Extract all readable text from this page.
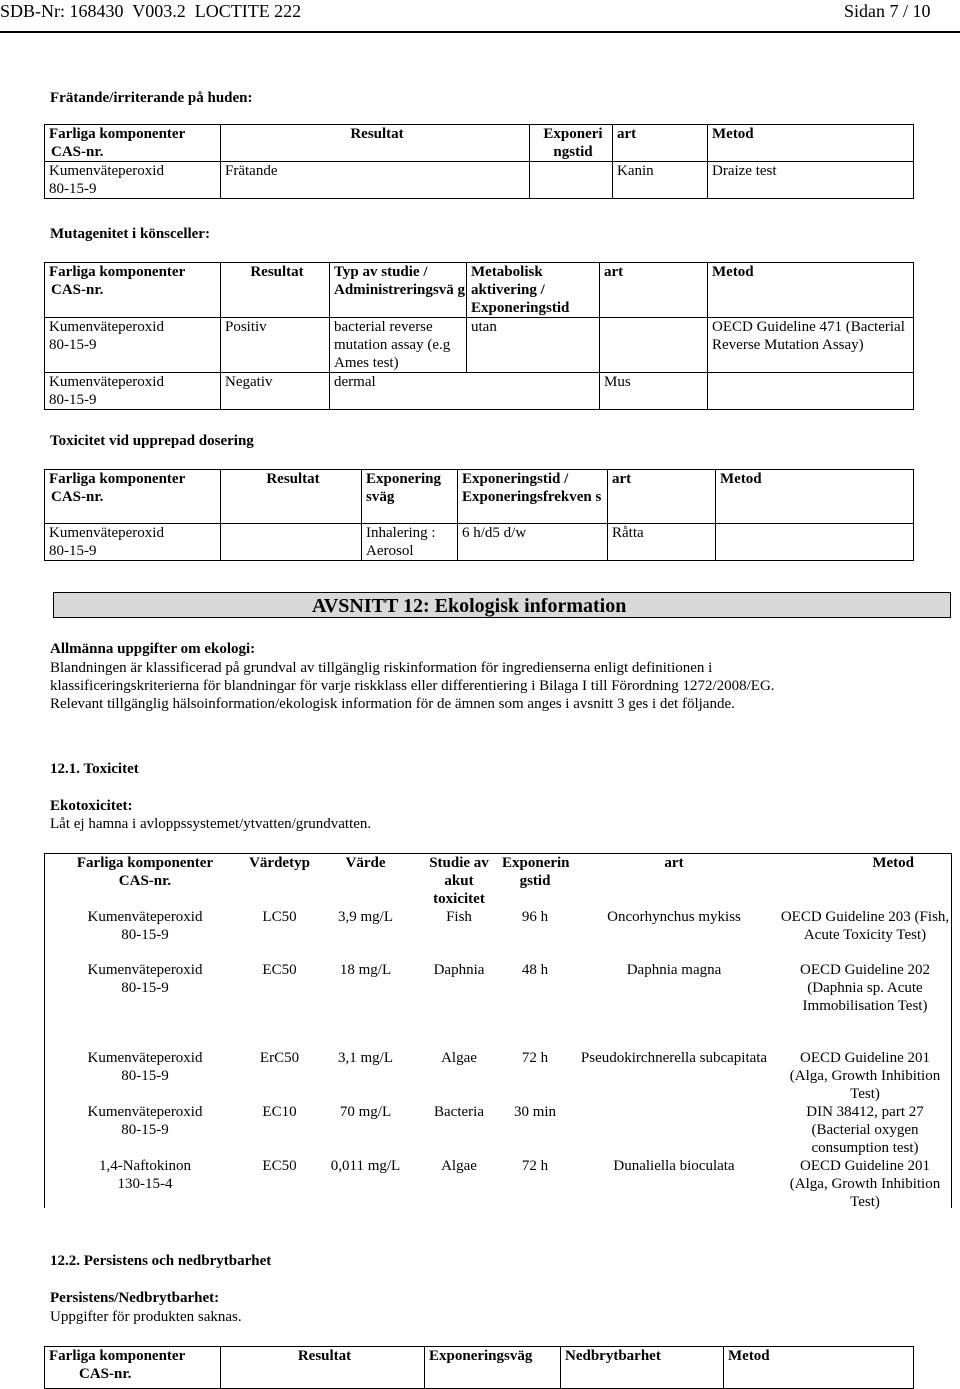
SDB-Nr: 168430 V003.2 LOCTITE 222	Sidan 7 / 10
Frätande/irriterande på huden:
Farliga komponenter
CAS-nr.	Resultat	Exponeri ngstid	art	Metod
Kumenväteperoxid
80-15-9	Frätande		Kanin	Draize test
Mutagenitet i könsceller:
Farliga komponenter
CAS-nr.	Resultat	Typ av studie / Administreringsvä g	Metabolisk aktivering / Exponeringstid	art	Metod
Kumenväteperoxid
80-15-9	Positiv	bacterial reverse mutation assay (e.g Ames test)	utan		OECD Guideline 471 (Bacterial Reverse Mutation Assay)
Kumenväteperoxid
80-15-9	Negativ	dermal		Mus	
Toxicitet vid upprepad dosering
Farliga komponenter
CAS-nr.	Resultat	Exponering sväg	Exponeringstid / Exponeringsfrekven s	art	Metod
Kumenväteperoxid
80-15-9		Inhalering : Aerosol	6 h/d5 d/w	Råtta	
AVSNITT 12: Ekologisk information
Allmänna uppgifter om ekologi:
Blandningen är klassificerad på grundval av tillgänglig riskinformation för ingredienserna enligt definitionen i
klassificeringskriterierna för blandningar för varje riskklass eller differentiering i Bilaga I till Förordning 1272/2008/EG.
Relevant tillgänglig hälsoinformation/ekologisk information för de ämnen som anges i avsnitt 3 ges i det följande.
12.1. Toxicitet
Ekotoxicitet:
Låt ej hamna i avloppssystemet/ytvatten/grundvatten.
Farliga komponenter
CAS-nr.	Värdetyp	Värde	Studie av akut toxicitet	Exponerin gstid	art	Metod
Kumenväteperoxid
80-15-9	LC50	3,9 mg/L	Fish	96 h	Oncorhynchus mykiss	OECD Guideline 203 (Fish, Acute Toxicity Test)
Kumenväteperoxid
80-15-9	EC50	18 mg/L	Daphnia	48 h	Daphnia magna	OECD Guideline 202 (Daphnia sp. Acute Immobilisation Test)
Kumenväteperoxid
80-15-9	ErC50	3,1 mg/L	Algae	72 h	Pseudokirchnerella subcapitata	OECD Guideline 201 (Alga, Growth Inhibition Test)
Kumenväteperoxid
80-15-9	EC10	70 mg/L	Bacteria	30 min		DIN 38412, part 27 (Bacterial oxygen consumption test)
1,4-Naftokinon
130-15-4	EC50	0,011 mg/L	Algae	72 h	Dunaliella bioculata	OECD Guideline 201 (Alga, Growth Inhibition Test)
12.2. Persistens och nedbrytbarhet
Persistens/Nedbrytbarhet:
Uppgifter för produkten saknas.
Farliga komponenter
CAS-nr.	Resultat	Exponeringsväg	Nedbrytbarhet	Metod
